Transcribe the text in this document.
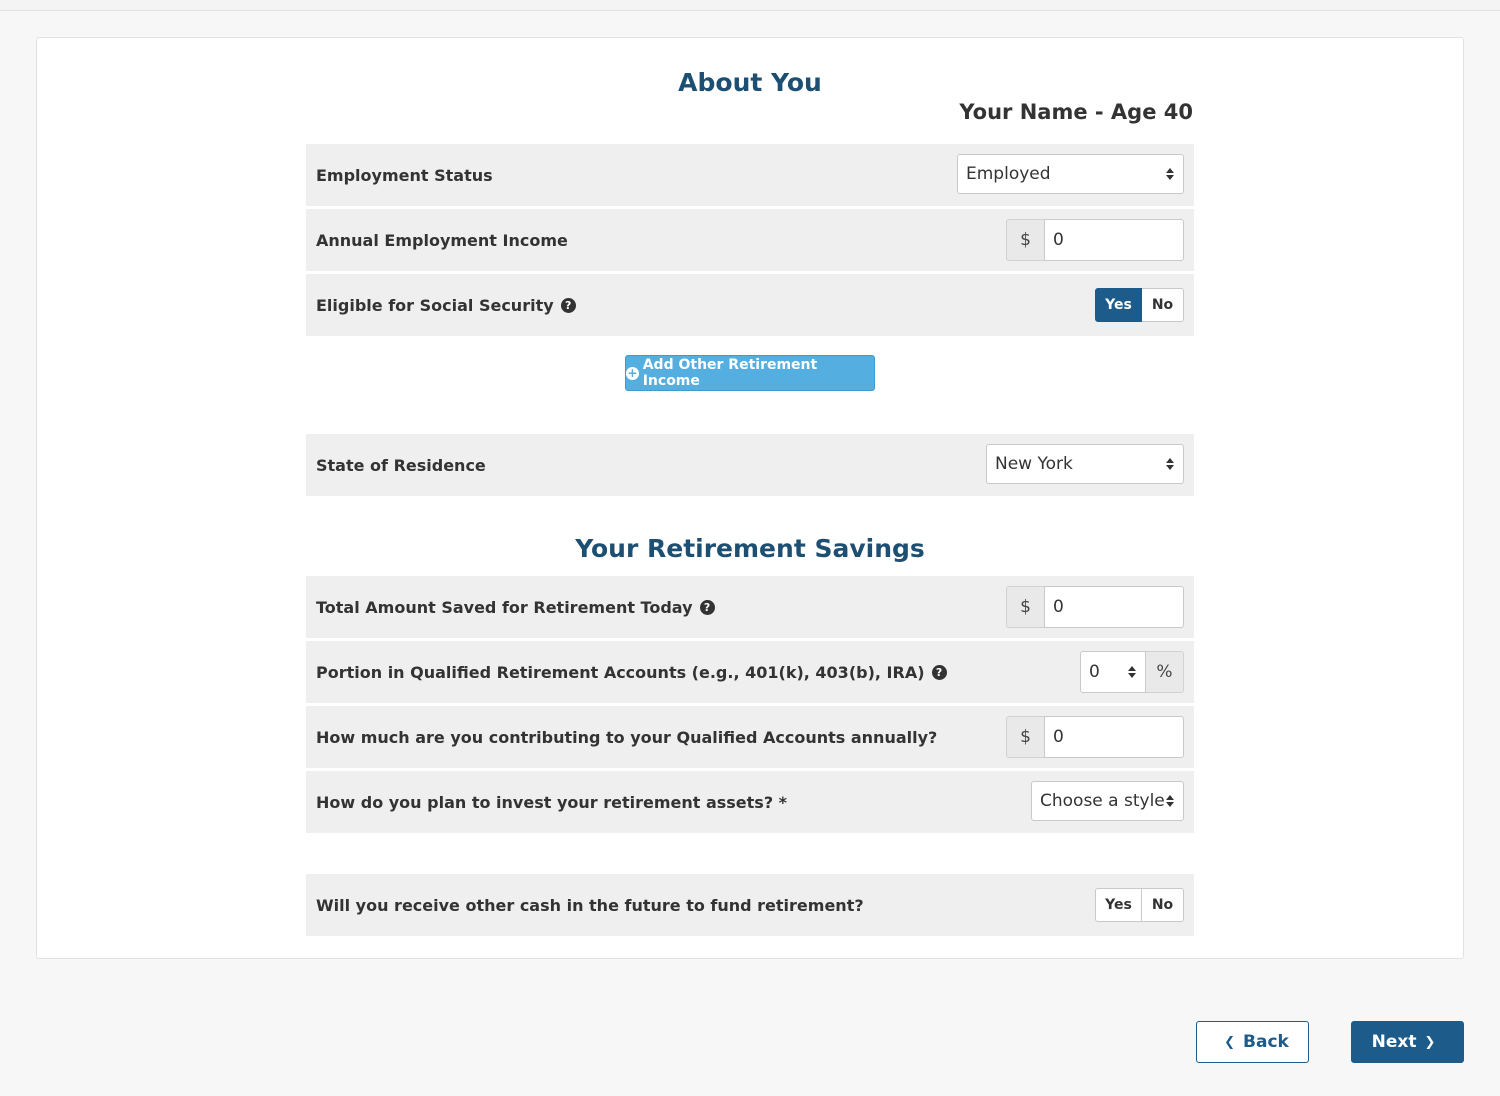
About You
Your Name - Age 40
Employment Status	Employed
Annual Employment Income	$	0
Eligible for Social Security	?	Yes	No
+ Add Other Retirement Income
State of Residence	New York
Your Retirement Savings
Total Amount Saved for Retirement Today	?	$	0
Portion in Qualified Retirement Accounts (e.g., 401(k), 403(b), IRA)	?	0	%
How much are you contributing to your Qualified Accounts annually?	$	0
How do you plan to invest your retirement assets? *	Choose a style
Will you receive other cash in the future to fund retirement?	Yes	No
❮ Back	Next ❯
